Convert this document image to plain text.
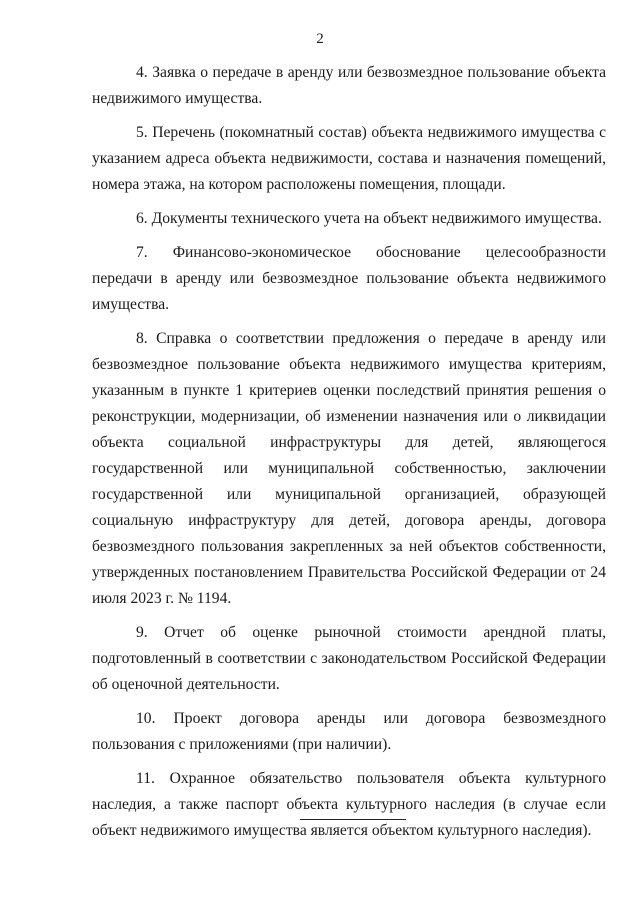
2

4. Заявка о передаче в аренду или безвозмездное пользование объекта недвижимого имущества.

5. Перечень (покомнатный состав) объекта недвижимого имущества с указанием адреса объекта недвижимости, состава и назначения помещений, номера этажа, на котором расположены помещения, площади.

6. Документы технического учета на объект недвижимого имущества.

7. Финансово-экономическое обоснование целесообразности передачи в аренду или безвозмездное пользование объекта недвижимого имущества.

8. Справка о соответствии предложения о передаче в аренду или безвозмездное пользование объекта недвижимого имущества критериям, указанным в пункте 1 критериев оценки последствий принятия решения о реконструкции, модернизации, об изменении назначения или о ликвидации объекта социальной инфраструктуры для детей, являющегося государственной или муниципальной собственностью, заключении государственной или муниципальной организацией, образующей социальную инфраструктуру для детей, договора аренды, договора безвозмездного пользования закрепленных за ней объектов собственности, утвержденных постановлением Правительства Российской Федерации от 24 июля 2023 г. № 1194.

9. Отчет об оценке рыночной стоимости арендной платы, подготовленный в соответствии с законодательством Российской Федерации об оценочной деятельности.

10. Проект договора аренды или договора безвозмездного пользования с приложениями (при наличии).

11. Охранное обязательство пользователя объекта культурного наследия, а также паспорт объекта культурного наследия (в случае если объект недвижимого имущества является объектом культурного наследия).
